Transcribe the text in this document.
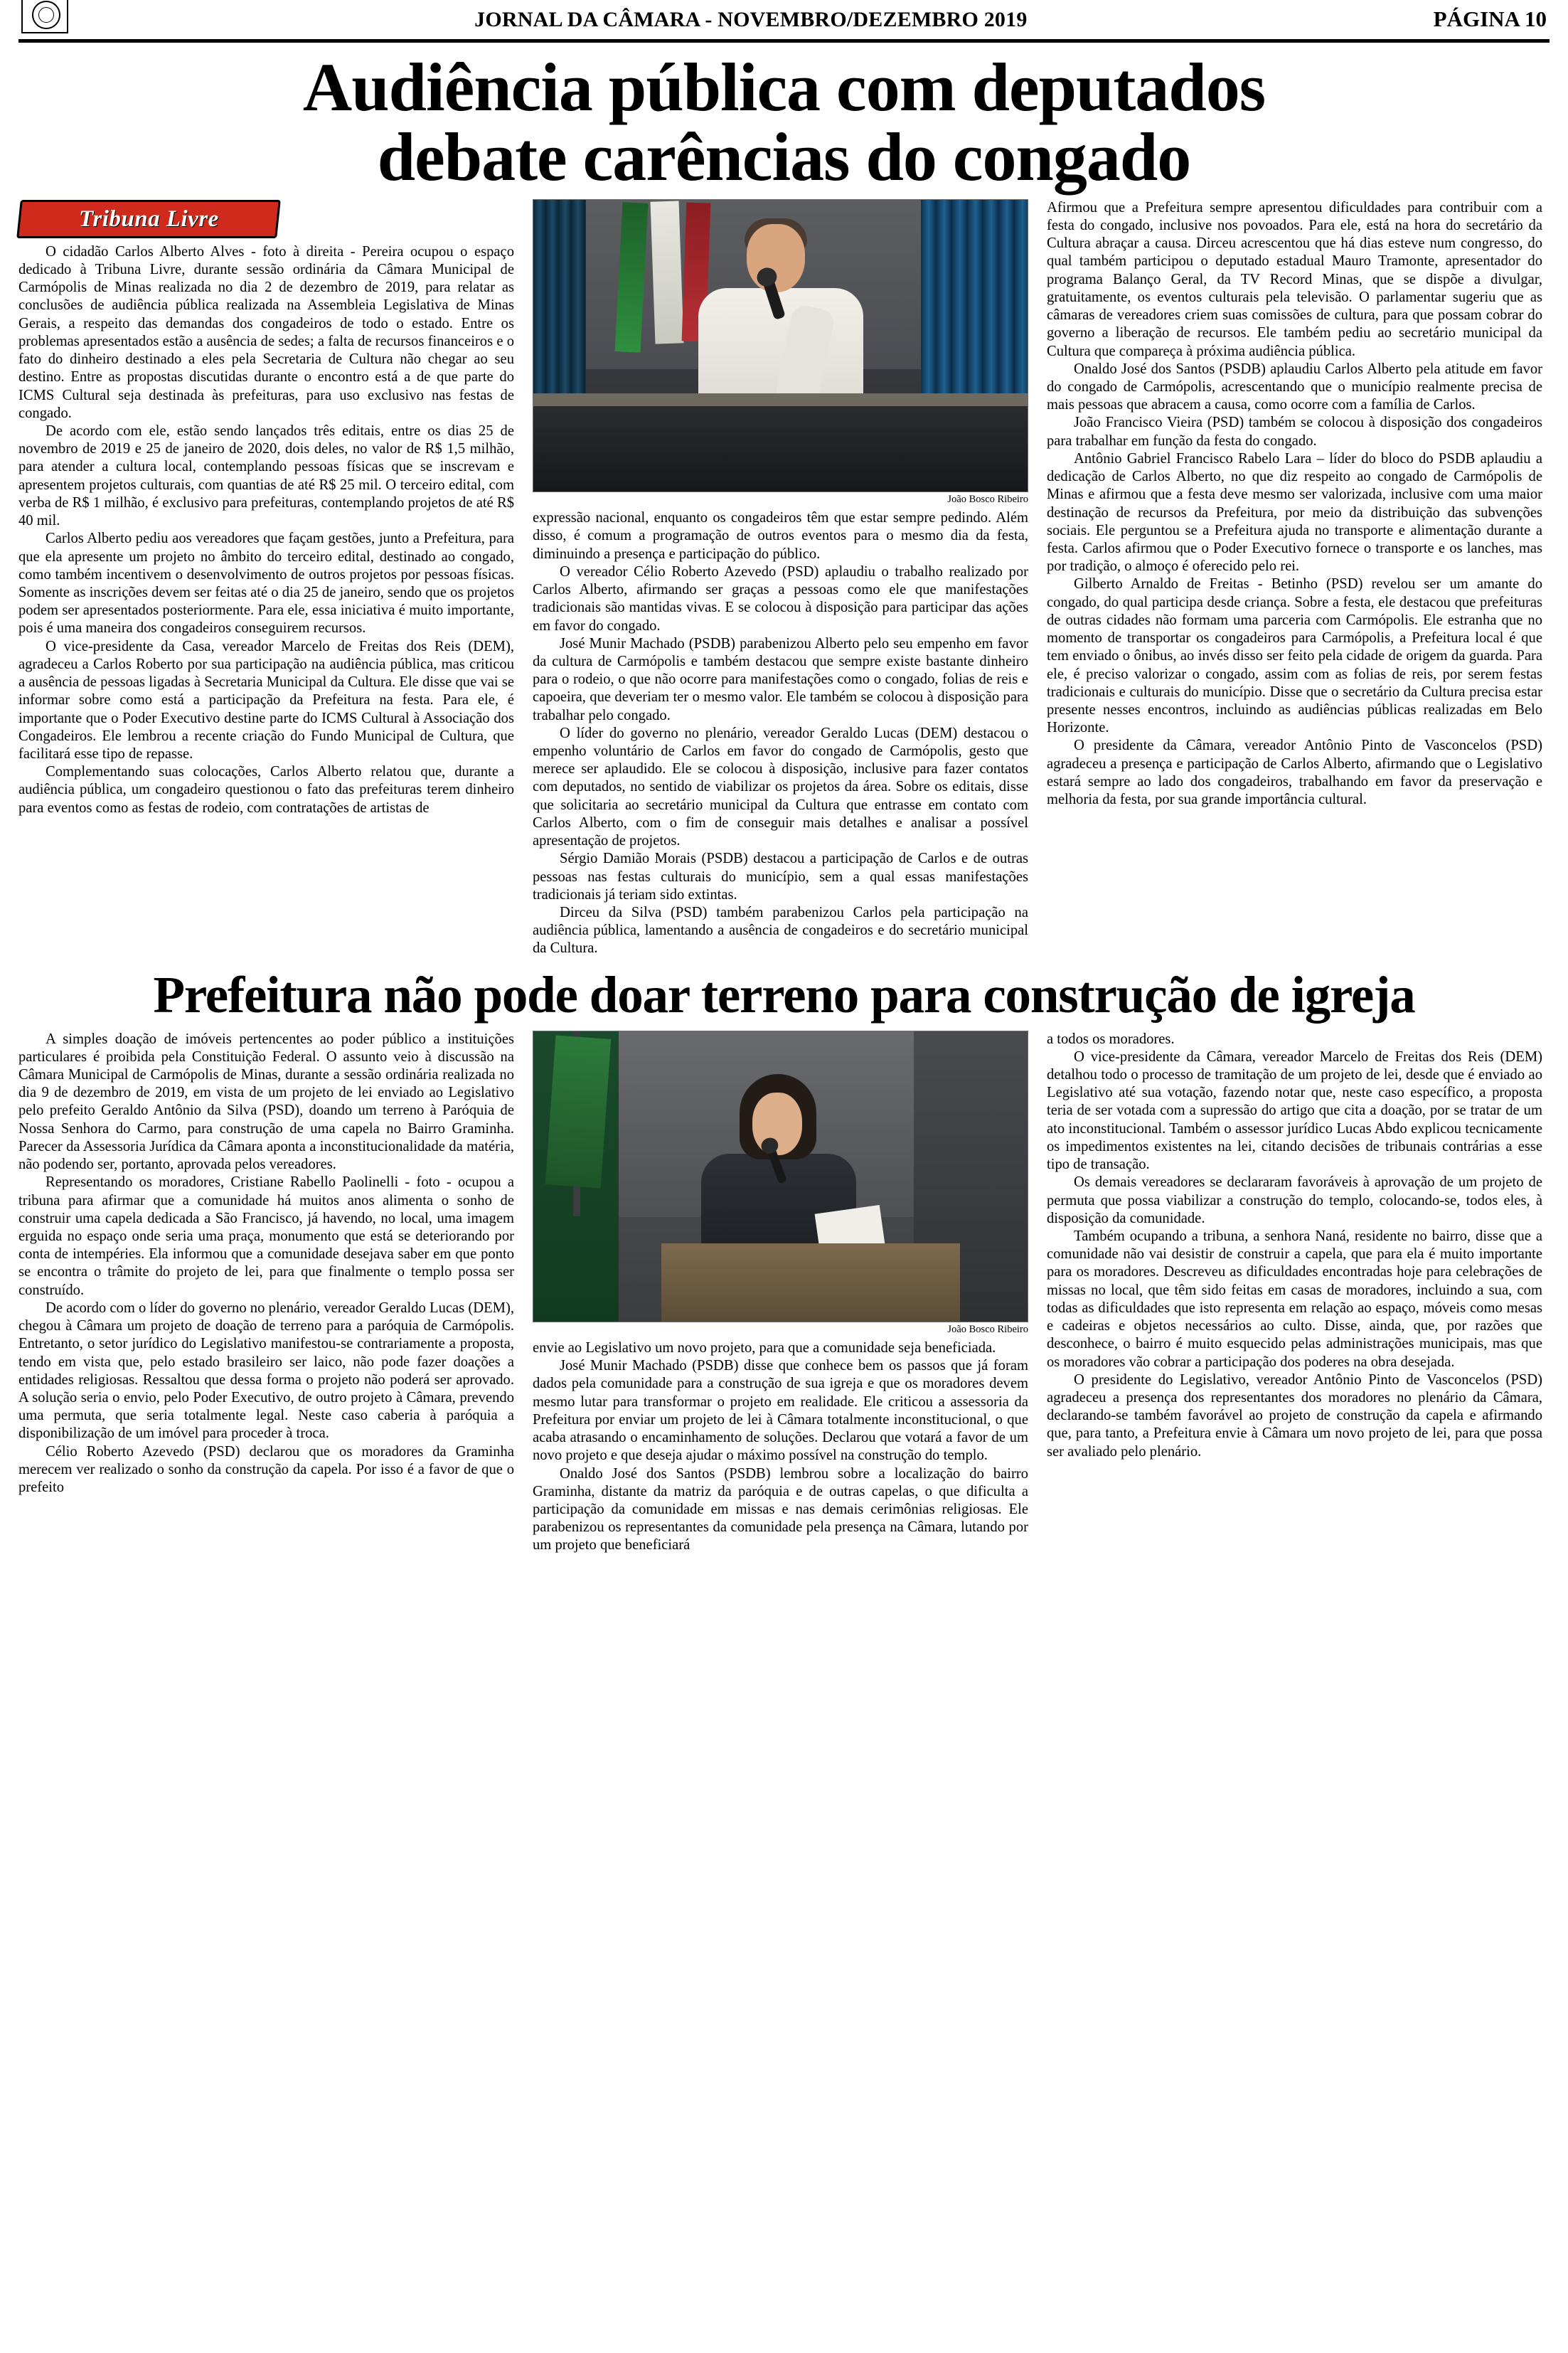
JORNAL DA CÂMARA - NOVEMBRO/DEZEMBRO 2019	PÁGINA 10
Audiência pública com deputados
debate carências do congado
Tribuna Livre

O cidadão Carlos Alberto Alves - foto à direita - Pereira ocupou o espaço dedicado à Tribuna Livre, durante sessão ordinária da Câmara Municipal de Carmópolis de Minas realizada no dia 2 de dezembro de 2019, para relatar as conclusões de audiência pública realizada na Assembleia Legislativa de Minas Gerais, a respeito das demandas dos congadeiros de todo o estado. Entre os problemas apresentados estão a ausência de sedes; a falta de recursos financeiros e o fato do dinheiro destinado a eles pela Secretaria de Cultura não chegar ao seu destino. Entre as propostas discutidas durante o encontro está a de que parte do ICMS Cultural seja destinada às prefeituras, para uso exclusivo nas festas de congado.

De acordo com ele, estão sendo lançados três editais, entre os dias 25 de novembro de 2019 e 25 de janeiro de 2020, dois deles, no valor de R$ 1,5 milhão, para atender a cultura local, contemplando pessoas físicas que se inscrevam e apresentem projetos culturais, com quantias de até R$ 25 mil. O terceiro edital, com verba de R$ 1 milhão, é exclusivo para prefeituras, contemplando projetos de até R$ 40 mil.

Carlos Alberto pediu aos vereadores que façam gestões, junto a Prefeitura, para que ela apresente um projeto no âmbito do terceiro edital, destinado ao congado, como também incentivem o desenvolvimento de outros projetos por pessoas físicas. Somente as inscrições devem ser feitas até o dia 25 de janeiro, sendo que os projetos podem ser apresentados posteriormente. Para ele, essa iniciativa é muito importante, pois é uma maneira dos congadeiros conseguirem recursos.

O vice-presidente da Casa, vereador Marcelo de Freitas dos Reis (DEM), agradeceu a Carlos Roberto por sua participação na audiência pública, mas criticou a ausência de pessoas ligadas à Secretaria Municipal da Cultura. Ele disse que vai se informar sobre como está a participação da Prefeitura na festa. Para ele, é importante que o Poder Executivo destine parte do ICMS Cultural à Associação dos Congadeiros. Ele lembrou a recente criação do Fundo Municipal de Cultura, que facilitará esse tipo de repasse.

Complementando suas colocações, Carlos Alberto relatou que, durante a audiência pública, um congadeiro questionou o fato das prefeituras terem dinheiro para eventos como as festas de rodeio, com contratações de artistas de

João Bosco Ribeiro

expressão nacional, enquanto os congadeiros têm que estar sempre pedindo. Além disso, é comum a programação de outros eventos para o mesmo dia da festa, diminuindo a presença e participação do público.

O vereador Célio Roberto Azevedo (PSD) aplaudiu o trabalho realizado por Carlos Alberto, afirmando ser graças a pessoas como ele que manifestações tradicionais são mantidas vivas. E se colocou à disposição para participar das ações em favor do congado.

José Munir Machado (PSDB) parabenizou Alberto pelo seu empenho em favor da cultura de Carmópolis e também destacou que sempre existe bastante dinheiro para o rodeio, o que não ocorre para manifestações como o congado, folias de reis e capoeira, que deveriam ter o mesmo valor. Ele também se colocou à disposição para trabalhar pelo congado.

O líder do governo no plenário, vereador Geraldo Lucas (DEM) destacou o empenho voluntário de Carlos em favor do congado de Carmópolis, gesto que merece ser aplaudido. Ele se colocou à disposição, inclusive para fazer contatos com deputados, no sentido de viabilizar os projetos da área. Sobre os editais, disse que solicitaria ao secretário municipal da Cultura que entrasse em contato com Carlos Alberto, com o fim de conseguir mais detalhes e analisar a possível apresentação de projetos.

Sérgio Damião Morais (PSDB) destacou a participação de Carlos e de outras pessoas nas festas culturais do município, sem a qual essas manifestações tradicionais já teriam sido extintas.

Dirceu da Silva (PSD) também parabenizou Carlos pela participação na audiência pública, lamentando a ausência de congadeiros e do secretário municipal da Cultura.

Afirmou que a Prefeitura sempre apresentou dificuldades para contribuir com a festa do congado, inclusive nos povoados. Para ele, está na hora do secretário da Cultura abraçar a causa. Dirceu acrescentou que há dias esteve num congresso, do qual também participou o deputado estadual Mauro Tramonte, apresentador do programa Balanço Geral, da TV Record Minas, que se dispõe a divulgar, gratuitamente, os eventos culturais pela televisão. O parlamentar sugeriu que as câmaras de vereadores criem suas comissões de cultura, para que possam cobrar do governo a liberação de recursos. Ele também pediu ao secretário municipal da Cultura que compareça à próxima audiência pública.

Onaldo José dos Santos (PSDB) aplaudiu Carlos Alberto pela atitude em favor do congado de Carmópolis, acrescentando que o município realmente precisa de mais pessoas que abracem a causa, como ocorre com a família de Carlos.

João Francisco Vieira (PSD) também se colocou à disposição dos congadeiros para trabalhar em função da festa do congado.

Antônio Gabriel Francisco Rabelo Lara – líder do bloco do PSDB aplaudiu a dedicação de Carlos Alberto, no que diz respeito ao congado de Carmópolis de Minas e afirmou que a festa deve mesmo ser valorizada, inclusive com uma maior destinação de recursos da Prefeitura, por meio da distribuição das subvenções sociais. Ele perguntou se a Prefeitura ajuda no transporte e alimentação durante a festa. Carlos afirmou que o Poder Executivo fornece o transporte e os lanches, mas por tradição, o almoço é oferecido pelo rei.

Gilberto Arnaldo de Freitas - Betinho (PSD) revelou ser um amante do congado, do qual participa desde criança. Sobre a festa, ele destacou que prefeituras de outras cidades não formam uma parceria com Carmópolis. Ele estranha que no momento de transportar os congadeiros para Carmópolis, a Prefeitura local é que tem enviado o ônibus, ao invés disso ser feito pela cidade de origem da guarda. Para ele, é preciso valorizar o congado, assim com as folias de reis, por serem festas tradicionais e culturais do município. Disse que o secretário da Cultura precisa estar presente nesses encontros, incluindo as audiências públicas realizadas em Belo Horizonte.

O presidente da Câmara, vereador Antônio Pinto de Vasconcelos (PSD) agradeceu a presença e participação de Carlos Alberto, afirmando que o Legislativo estará sempre ao lado dos congadeiros, trabalhando em favor da preservação e melhoria da festa, por sua grande importância cultural.

Prefeitura não pode doar terreno para construção de igreja

A simples doação de imóveis pertencentes ao poder público a instituições particulares é proibida pela Constituição Federal. O assunto veio à discussão na Câmara Municipal de Carmópolis de Minas, durante a sessão ordinária realizada no dia 9 de dezembro de 2019, em vista de um projeto de lei enviado ao Legislativo pelo prefeito Geraldo Antônio da Silva (PSD), doando um terreno à Paróquia de Nossa Senhora do Carmo, para construção de uma capela no Bairro Graminha. Parecer da Assessoria Jurídica da Câmara aponta a inconstitucionalidade da matéria, não podendo ser, portanto, aprovada pelos vereadores.

Representando os moradores, Cristiane Rabello Paolinelli - foto - ocupou a tribuna para afirmar que a comunidade há muitos anos alimenta o sonho de construir uma capela dedicada a São Francisco, já havendo, no local, uma imagem erguida no espaço onde seria uma praça, monumento que está se deteriorando por conta de intempéries. Ela informou que a comunidade desejava saber em que ponto se encontra o trâmite do projeto de lei, para que finalmente o templo possa ser construído.

De acordo com o líder do governo no plenário, vereador Geraldo Lucas (DEM), chegou à Câmara um projeto de doação de terreno para a paróquia de Carmópolis. Entretanto, o setor jurídico do Legislativo manifestou-se contrariamente a proposta, tendo em vista que, pelo estado brasileiro ser laico, não pode fazer doações a entidades religiosas. Ressaltou que dessa forma o projeto não poderá ser aprovado. A solução seria o envio, pelo Poder Executivo, de outro projeto à Câmara, prevendo uma permuta, que seria totalmente legal. Neste caso caberia à paróquia a disponibilização de um imóvel para proceder à troca.

Célio Roberto Azevedo (PSD) declarou que os moradores da Graminha merecem ver realizado o sonho da construção da capela. Por isso é a favor de que o prefeito

João Bosco Ribeiro

envie ao Legislativo um novo projeto, para que a comunidade seja beneficiada.

José Munir Machado (PSDB) disse que conhece bem os passos que já foram dados pela comunidade para a construção de sua igreja e que os moradores devem mesmo lutar para transformar o projeto em realidade. Ele criticou a assessoria da Prefeitura por enviar um projeto de lei à Câmara totalmente inconstitucional, o que acaba atrasando o encaminhamento de soluções. Declarou que votará a favor de um novo projeto e que deseja ajudar o máximo possível na construção do templo.

Onaldo José dos Santos (PSDB) lembrou sobre a localização do bairro Graminha, distante da matriz da paróquia e de outras capelas, o que dificulta a participação da comunidade em missas e nas demais cerimônias religiosas. Ele parabenizou os representantes da comunidade pela presença na Câmara, lutando por um projeto que beneficiará

a todos os moradores.

O vice-presidente da Câmara, vereador Marcelo de Freitas dos Reis (DEM) detalhou todo o processo de tramitação de um projeto de lei, desde que é enviado ao Legislativo até sua votação, fazendo notar que, neste caso específico, a proposta teria de ser votada com a supressão do artigo que cita a doação, por se tratar de um ato inconstitucional. Também o assessor jurídico Lucas Abdo explicou tecnicamente os impedimentos existentes na lei, citando decisões de tribunais contrárias a esse tipo de transação.

Os demais vereadores se declararam favoráveis à aprovação de um projeto de permuta que possa viabilizar a construção do templo, colocando-se, todos eles, à disposição da comunidade.

Também ocupando a tribuna, a senhora Naná, residente no bairro, disse que a comunidade não vai desistir de construir a capela, que para ela é muito importante para os moradores. Descreveu as dificuldades encontradas hoje para celebrações de missas no local, que têm sido feitas em casas de moradores, incluindo a sua, com todas as dificuldades que isto representa em relação ao espaço, móveis como mesas e cadeiras e objetos necessários ao culto. Disse, ainda, que, por razões que desconhece, o bairro é muito esquecido pelas administrações municipais, mas que os moradores vão cobrar a participação dos poderes na obra desejada.

O presidente do Legislativo, vereador Antônio Pinto de Vasconcelos (PSD) agradeceu a presença dos representantes dos moradores no plenário da Câmara, declarando-se também favorável ao projeto de construção da capela e afirmando que, para tanto, a Prefeitura envie à Câmara um novo projeto de lei, para que possa ser avaliado pelo plenário.
